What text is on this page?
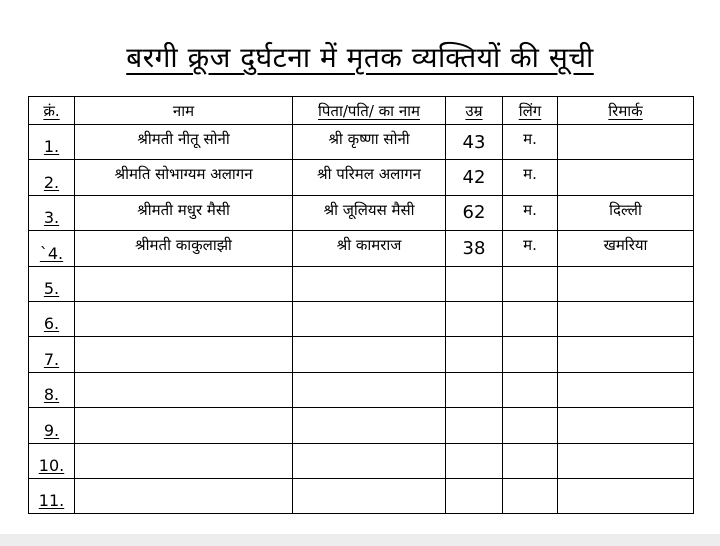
बरगी क्रूज दुर्घटना में मृतक व्यक्तियों की सूची
क्रं.	नाम	पिता/पति/ का नाम	उम्र	लिंग	रिमार्क
1.	श्रीमती नीतू सोनी	श्री कृष्णा सोनी	43	म.	
2.	श्रीमति सोभाग्यम अलागन	श्री परिमल अलागन	42	म.	
3.	श्रीमती मधुर मैसी	श्री जूलियस मैसी	62	म.	दिल्ली
`4.	श्रीमती काकुलाझी	श्री कामराज	38	म.	खमरिया
5.					
6.					
7.					
8.					
9.					
10.					
11.					
